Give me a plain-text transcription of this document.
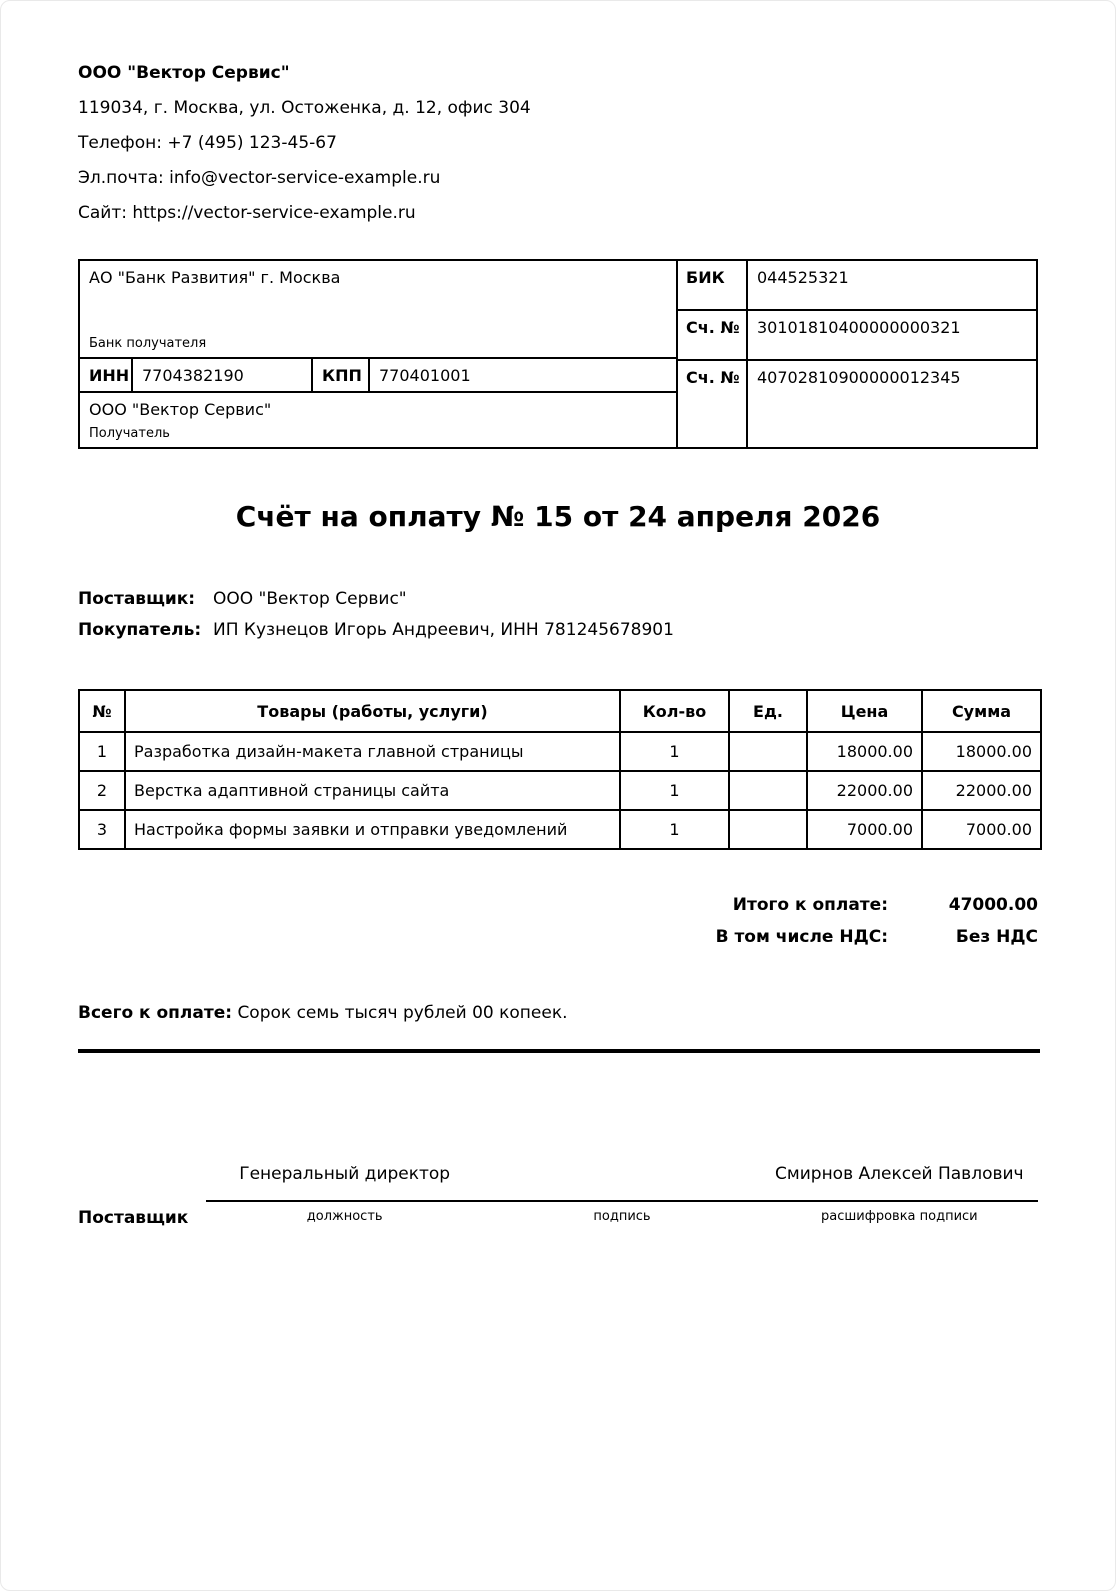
ООО "Вектор Сервис"
119034, г. Москва, ул. Остоженка, д. 12, офис 304
Телефон: +7 (495) 123-45-67
Эл.почта: info@vector-service-example.ru
Сайт: https://vector-service-example.ru
АО "Банк Развития" г. Москва
Банк получателя
ИНН 7704382190	КПП	770401001
ООО "Вектор Сервис"
Получатель
БИК	044525321
Сч. №	30101810400000000321
Сч. №	40702810900000012345
Счёт на оплату № 15 от 24 апреля 2026
Поставщик:	ООО "Вектор Сервис"
Покупатель: ИП Кузнецов Игорь Андреевич, ИНН 781245678901
№	Товары (работы, услуги)	Кол-во	Ед.	Цена	Сумма
1	Разработка дизайн-макета главной страницы	1		18000.00	18000.00
2	Верстка адаптивной страницы сайта	1		22000.00	22000.00
3	Настройка формы заявки и отправки уведомлений	1		7000.00	7000.00
Итого к оплате:	47000.00
В том числе НДС:	Без НДС
Всего к оплате: Сорок семь тысяч рублей 00 копеек.
Поставщик
Генеральный директор	Смирнов Алексей Павлович
должность	подпись	расшифровка подписи
